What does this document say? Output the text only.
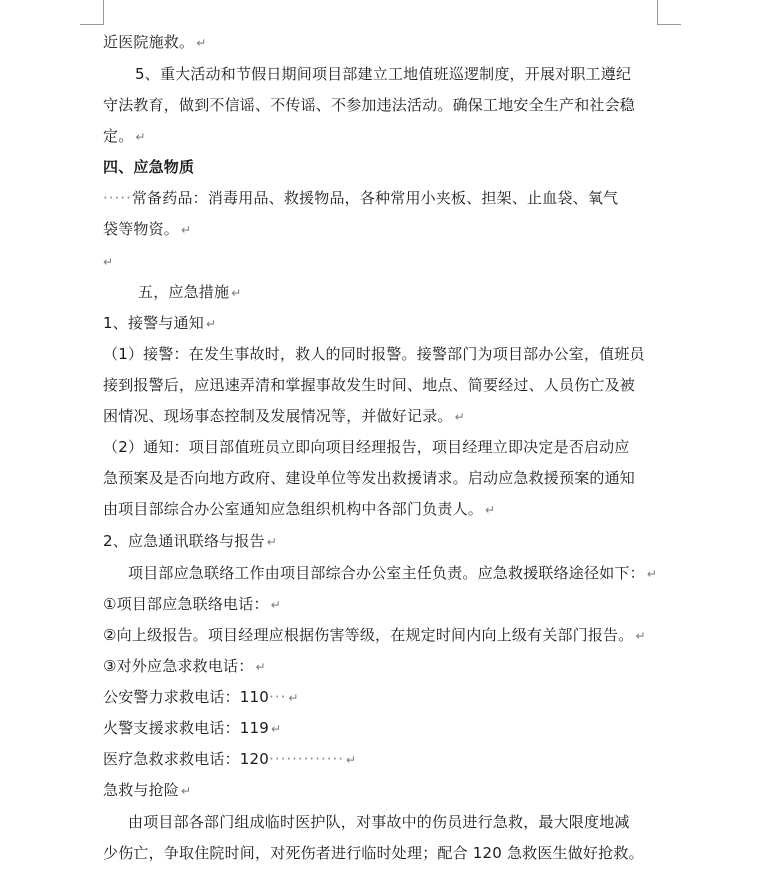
近医院施救。 ↵
5、重大活动和节假日期间项目部建立工地值班巡逻制度，开展对职工遵纪
守法教育，做到不信谣、不传谣、不参加违法活动。确保工地安全生产和社会稳
定。 ↵
四、应急物质
·····常备药品：消毒用品、救援物品，各种常用小夹板、担架、止血袋、氧气
袋等物资。 ↵
↵
五，应急措施 ↵
1、接警与通知 ↵
（1）接警：在发生事故时，救人的同时报警。接警部门为项目部办公室，值班员
接到报警后，应迅速弄清和掌握事故发生时间、地点、简要经过、人员伤亡及被
困情况、现场事态控制及发展情况等，并做好记录。 ↵
（2）通知：项目部值班员立即向项目经理报告，项目经理立即决定是否启动应
急预案及是否向地方政府、建设单位等发出救援请求。启动应急救援预案的通知
由项目部综合办公室通知应急组织机构中各部门负责人。 ↵
2、应急通讯联络与报告 ↵
项目部应急联络工作由项目部综合办公室主任负责。应急救援联络途径如下： ↵
①项目部应急联络电话： ↵
②向上级报告。项目经理应根据伤害等级，在规定时间内向上级有关部门报告。 ↵
③对外应急求救电话： ↵
公安警力求救电话：110··· ↵
火警支援求救电话：119 ↵
医疗急救求救电话：120············· ↵
急救与抢险 ↵
由项目部各部门组成临时医护队，对事故中的伤员进行急救，最大限度地减
少伤亡，争取住院时间，对死伤者进行临时处理；配合 120 急救医生做好抢救。
